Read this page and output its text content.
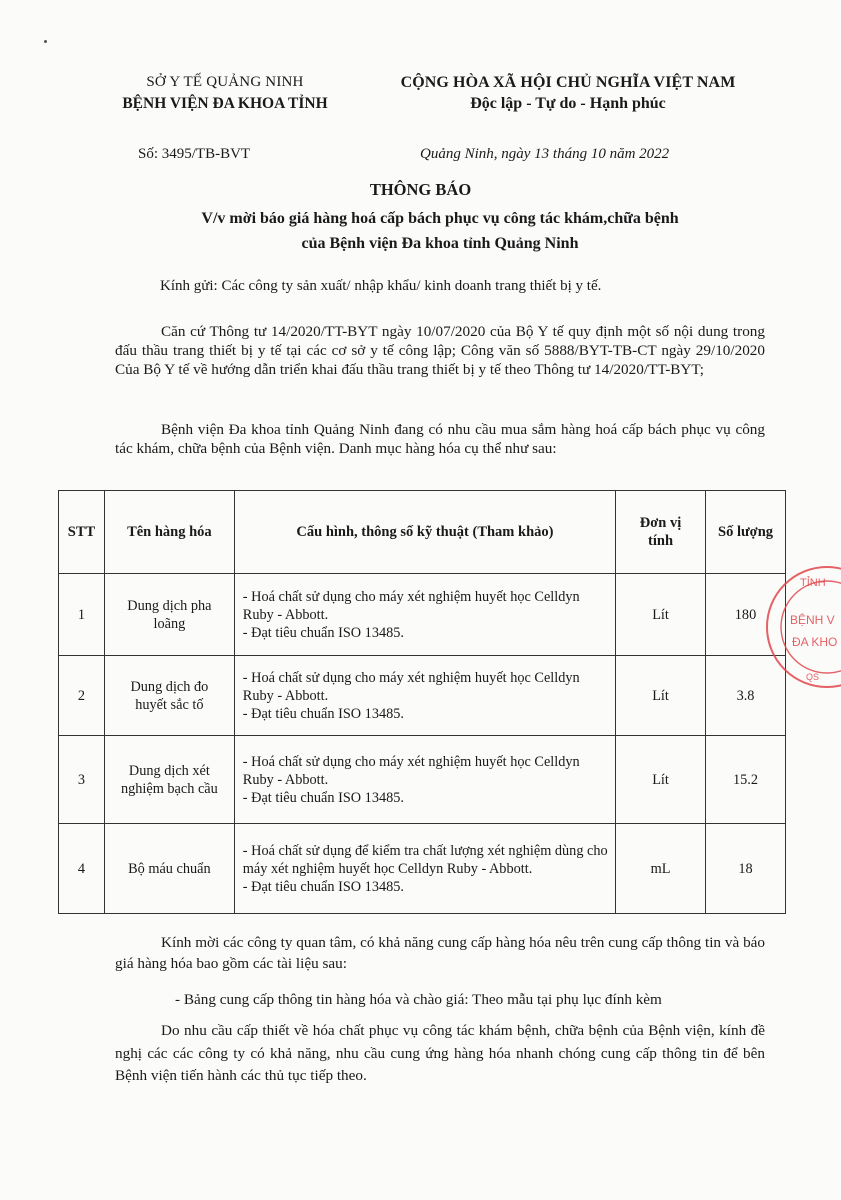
SỞ Y TẾ QUẢNG NINH
BỆNH VIỆN ĐA KHOA TỈNH
CỘNG HÒA XÃ HỘI CHỦ NGHĨA VIỆT NAM
Độc lập - Tự do - Hạnh phúc
Số: 3495/TB-BVT	Quảng Ninh, ngày 13 tháng 10 năm 2022
THÔNG BÁO
V/v mời báo giá hàng hoá cấp bách phục vụ công tác khám,chữa bệnh
của Bệnh viện Đa khoa tỉnh Quảng Ninh
Kính gửi: Các công ty sản xuất/ nhập khẩu/ kinh doanh trang thiết bị y tế.
Căn cứ Thông tư 14/2020/TT-BYT ngày 10/07/2020 của Bộ Y tế quy định một số nội dung trong đấu thầu trang thiết bị y tế tại các cơ sở y tế công lập; Công văn số 5888/BYT-TB-CT ngày 29/10/2020 Của Bộ Y tế về hướng dẫn triển khai đấu thầu trang thiết bị y tế theo Thông tư 14/2020/TT-BYT;
Bệnh viện Đa khoa tỉnh Quảng Ninh đang có nhu cầu mua sắm hàng hoá cấp bách phục vụ công tác khám, chữa bệnh của Bệnh viện. Danh mục hàng hóa cụ thể như sau:
STT	Tên hàng hóa	Cấu hình, thông số kỹ thuật (Tham khảo)	Đơn vị tính	Số lượng
1	Dung dịch pha loãng	- Hoá chất sử dụng cho máy xét nghiệm huyết học Celldyn Ruby - Abbott.
- Đạt tiêu chuẩn ISO 13485.	Lít	180
2	Dung dịch đo huyết sắc tố	- Hoá chất sử dụng cho máy xét nghiệm huyết học Celldyn Ruby - Abbott.
- Đạt tiêu chuẩn ISO 13485.	Lít	3.8
3	Dung dịch xét nghiệm bạch cầu	- Hoá chất sử dụng cho máy xét nghiệm huyết học Celldyn Ruby - Abbott.
- Đạt tiêu chuẩn ISO 13485.	Lít	15.2
4	Bộ máu chuẩn	- Hoá chất sử dụng để kiểm tra chất lượng xét nghiệm dùng cho máy xét nghiệm huyết học Celldyn Ruby - Abbott.
- Đạt tiêu chuẩn ISO 13485.	mL	18
Kính mời các công ty quan tâm, có khả năng cung cấp hàng hóa nêu trên cung cấp thông tin và báo giá hàng hóa bao gồm các tài liệu sau:
- Bảng cung cấp thông tin hàng hóa và chào giá: Theo mẫu tại phụ lục đính kèm
Do nhu cầu cấp thiết về hóa chất phục vụ công tác khám bệnh, chữa bệnh của Bệnh viện, kính đề nghị các các công ty có khả năng, nhu cầu cung ứng hàng hóa nhanh chóng cung cấp thông tin để bên Bệnh viện tiến hành các thủ tục tiếp theo.
TỈNH
BỆNH V
ĐA KHO
QS
